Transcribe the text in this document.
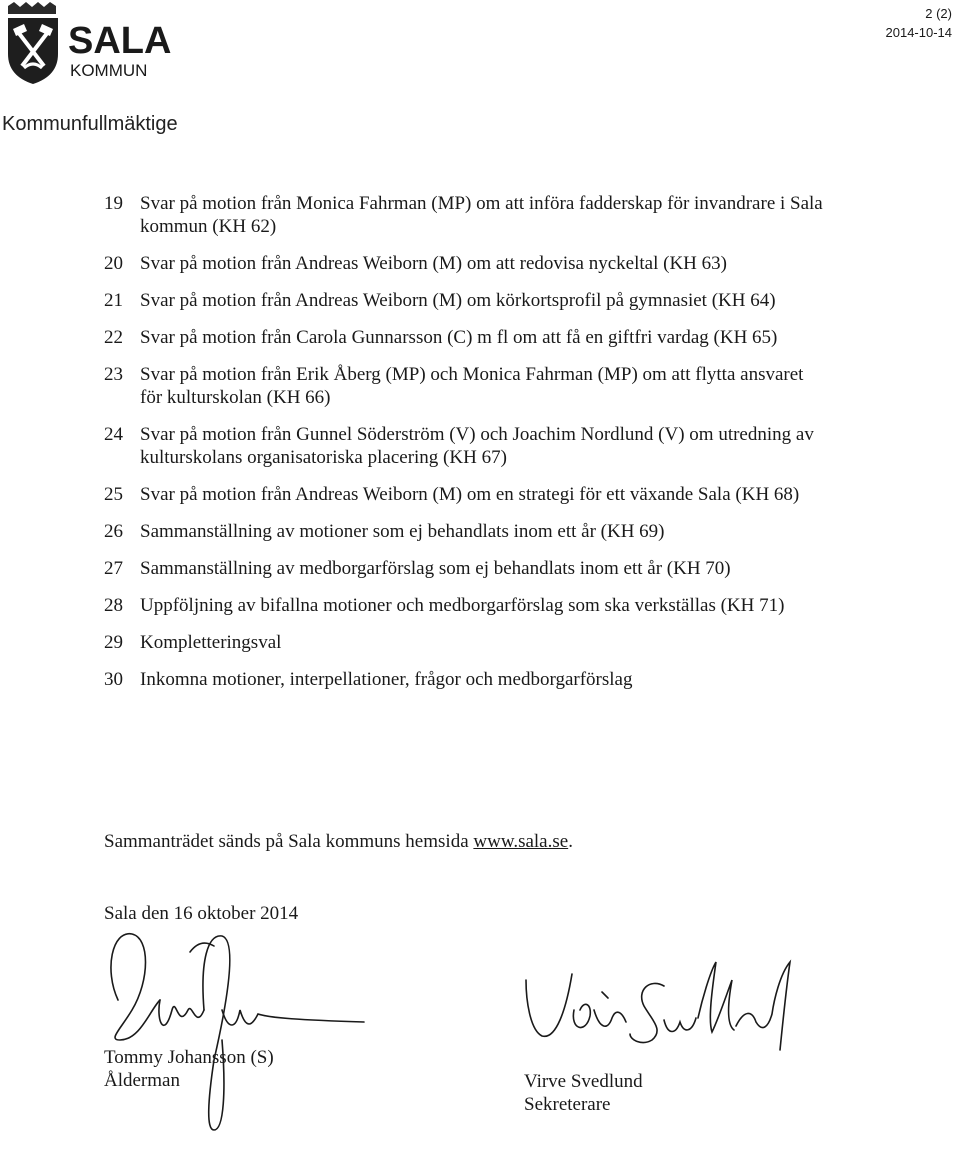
SALA
KOMMUN
2 (2)
2014-10-14
Kommunfullmäktige
19 Svar på motion från Monica Fahrman (MP) om att införa fadderskap för invandrare i Sala kommun (KH 62)
20 Svar på motion från Andreas Weiborn (M) om att redovisa nyckeltal (KH 63)
21 Svar på motion från Andreas Weiborn (M) om körkortsprofil på gymnasiet (KH 64)
22 Svar på motion från Carola Gunnarsson (C) m fl om att få en giftfri vardag (KH 65)
23 Svar på motion från Erik Åberg (MP) och Monica Fahrman (MP) om att flytta ansvaret för kulturskolan (KH 66)
24 Svar på motion från Gunnel Söderström (V) och Joachim Nordlund (V) om utredning av kulturskolans organisatoriska placering (KH 67)
25 Svar på motion från Andreas Weiborn (M) om en strategi för ett växande Sala (KH 68)
26 Sammanställning av motioner som ej behandlats inom ett år (KH 69)
27 Sammanställning av medborgarförslag som ej behandlats inom ett år (KH 70)
28 Uppföljning av bifallna motioner och medborgarförslag som ska verkställas (KH 71)
29 Kompletteringsval
30 Inkomna motioner, interpellationer, frågor och medborgarförslag

Sammanträdet sänds på Sala kommuns hemsida www.sala.se.

Sala den 16 oktober 2014

Tommy Johansson (S)
Ålderman	Virve Svedlund
Sekreterare
